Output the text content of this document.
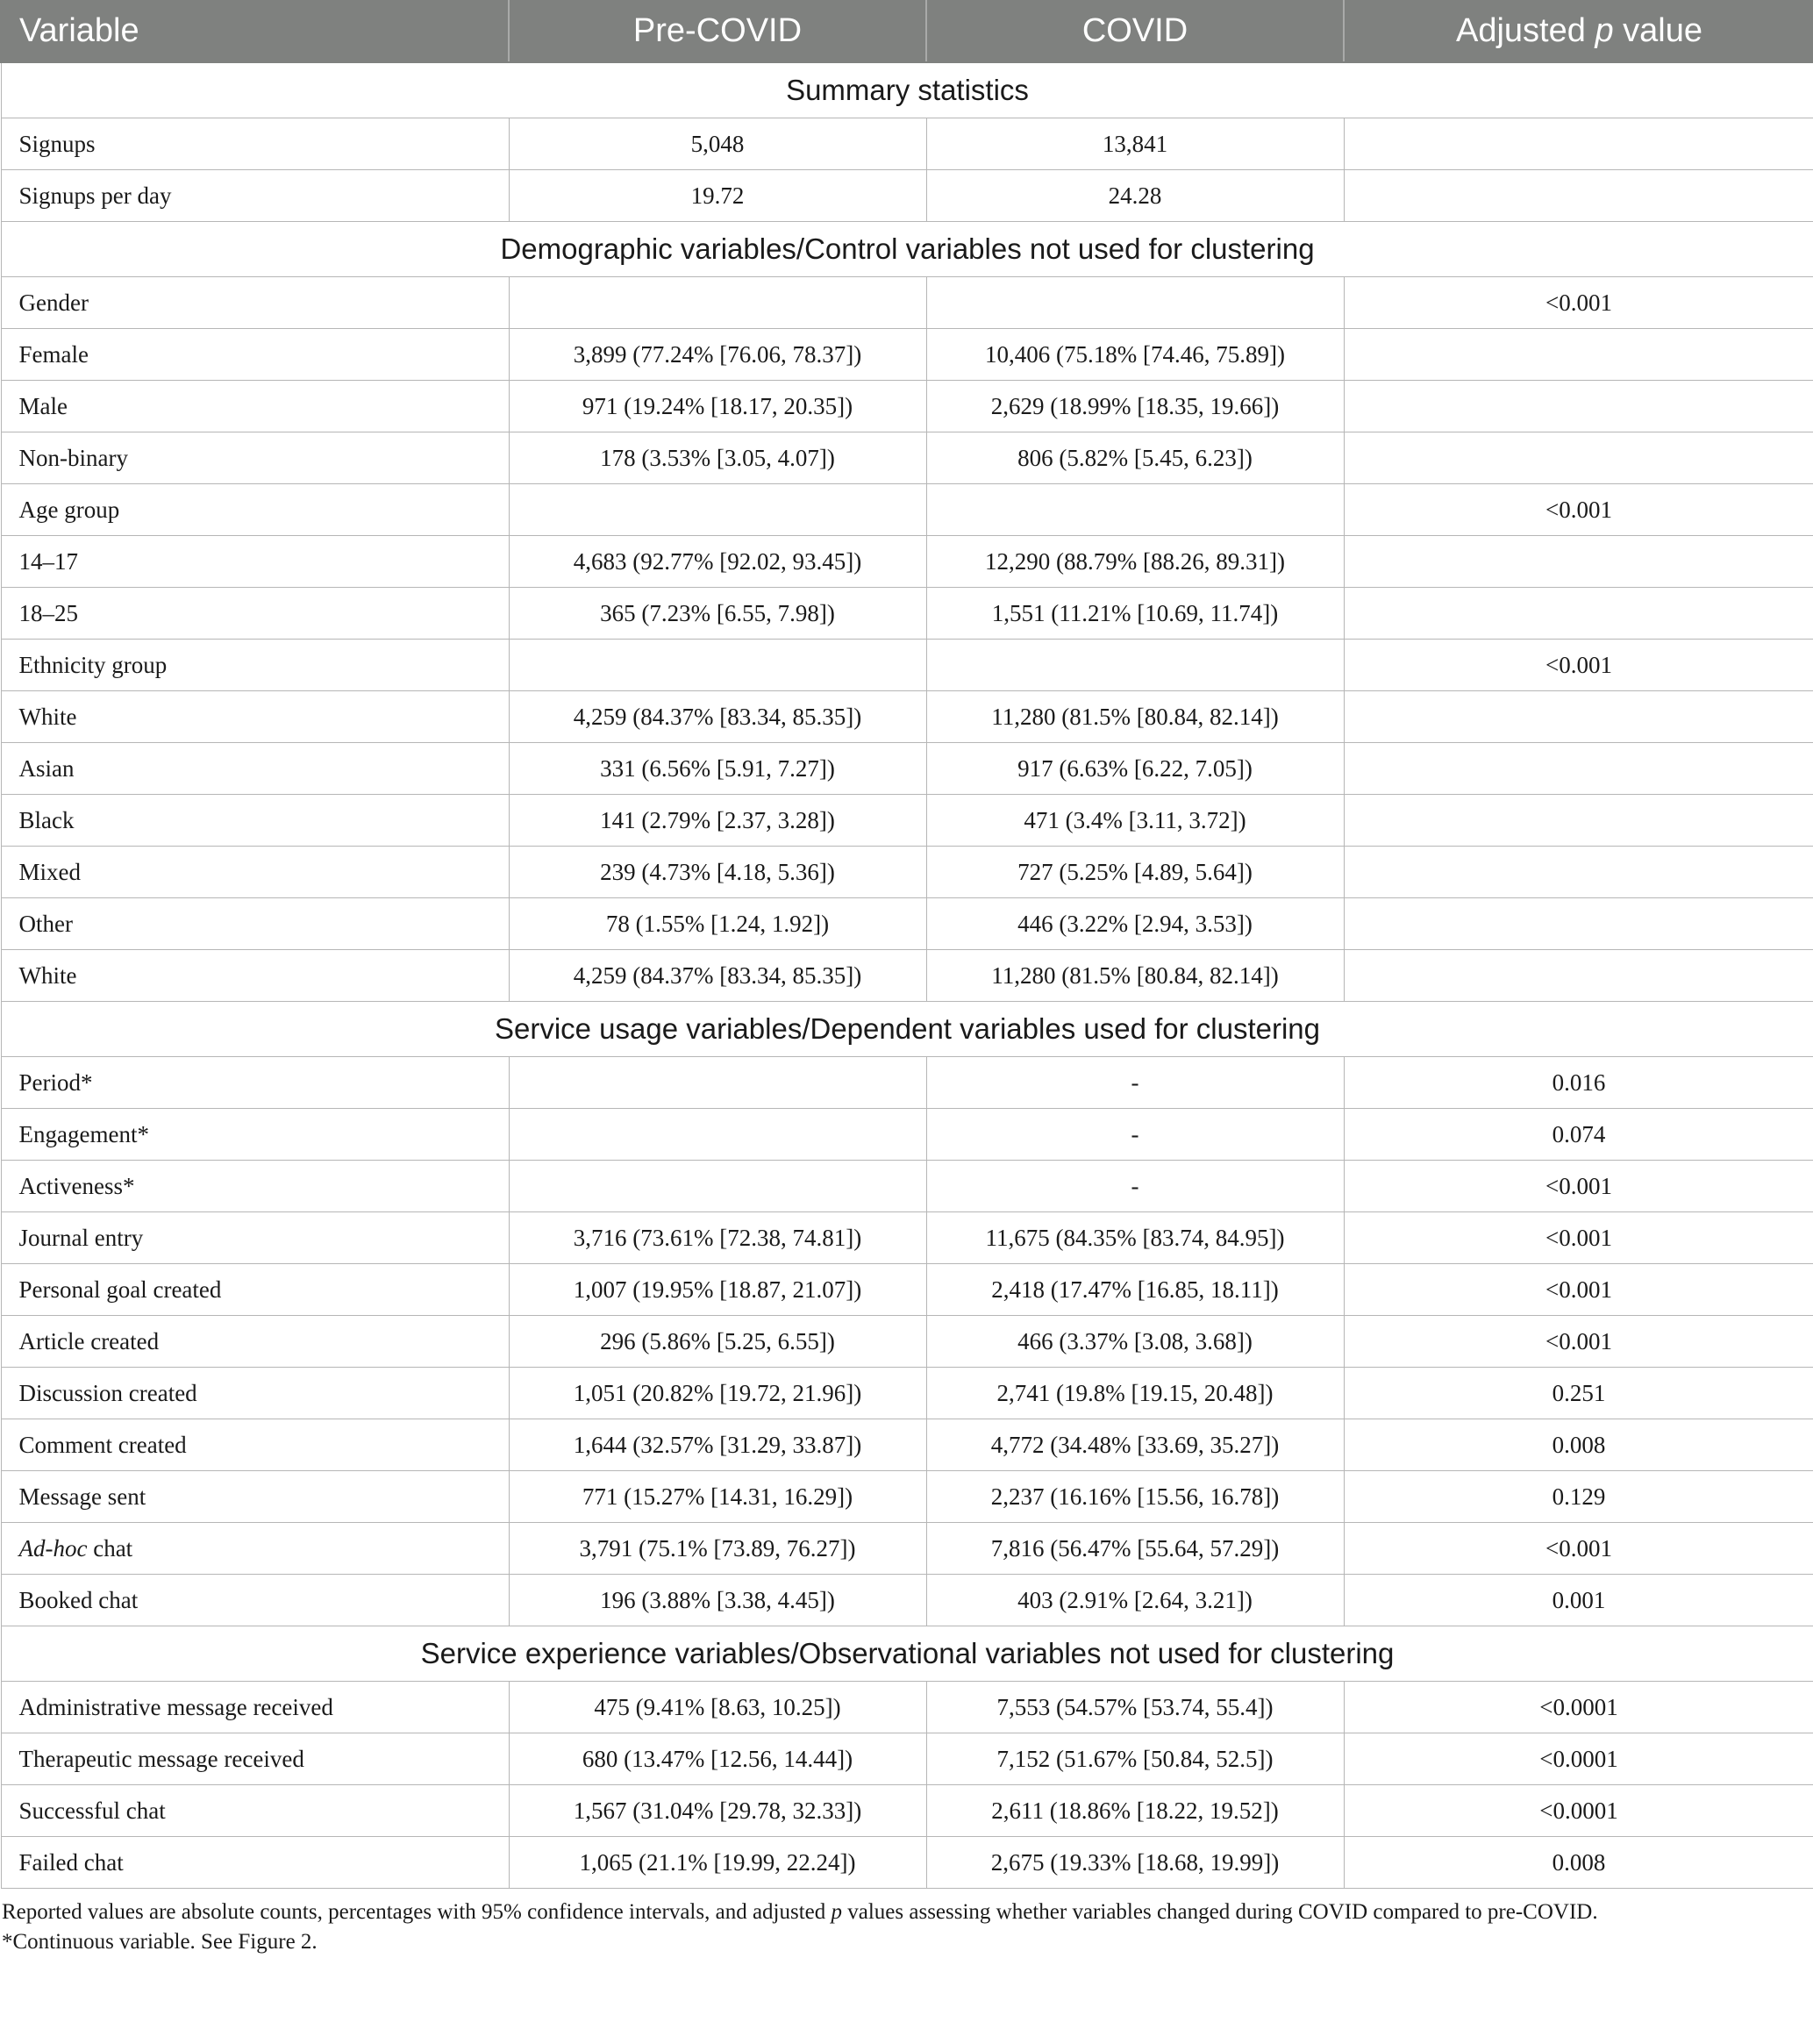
Variable	Pre-COVID	COVID	Adjusted p value
Summary statistics			
Signups	5,048	13,841	
Signups per day	19.72	24.28	
Demographic variables/Control variables not used for clustering			
Gender			<0.001
Female	3,899 (77.24% [76.06, 78.37])	10,406 (75.18% [74.46, 75.89])	
Male	971 (19.24% [18.17, 20.35])	2,629 (18.99% [18.35, 19.66])	
Non-binary	178 (3.53% [3.05, 4.07])	806 (5.82% [5.45, 6.23])	
Age group			<0.001
14–17	4,683 (92.77% [92.02, 93.45])	12,290 (88.79% [88.26, 89.31])	
18–25	365 (7.23% [6.55, 7.98])	1,551 (11.21% [10.69, 11.74])	
Ethnicity group			<0.001
White	4,259 (84.37% [83.34, 85.35])	11,280 (81.5% [80.84, 82.14])	
Asian	331 (6.56% [5.91, 7.27])	917 (6.63% [6.22, 7.05])	
Black	141 (2.79% [2.37, 3.28])	471 (3.4% [3.11, 3.72])	
Mixed	239 (4.73% [4.18, 5.36])	727 (5.25% [4.89, 5.64])	
Other	78 (1.55% [1.24, 1.92])	446 (3.22% [2.94, 3.53])	
White	4,259 (84.37% [83.34, 85.35])	11,280 (81.5% [80.84, 82.14])	
Service usage variables/Dependent variables used for clustering			
Period*		-	0.016
Engagement*		-	0.074
Activeness*		-	<0.001
Journal entry	3,716 (73.61% [72.38, 74.81])	11,675 (84.35% [83.74, 84.95])	<0.001
Personal goal created	1,007 (19.95% [18.87, 21.07])	2,418 (17.47% [16.85, 18.11])	<0.001
Article created	296 (5.86% [5.25, 6.55])	466 (3.37% [3.08, 3.68])	<0.001
Discussion created	1,051 (20.82% [19.72, 21.96])	2,741 (19.8% [19.15, 20.48])	0.251
Comment created	1,644 (32.57% [31.29, 33.87])	4,772 (34.48% [33.69, 35.27])	0.008
Message sent	771 (15.27% [14.31, 16.29])	2,237 (16.16% [15.56, 16.78])	0.129
Ad-hoc chat	3,791 (75.1% [73.89, 76.27])	7,816 (56.47% [55.64, 57.29])	<0.001
Booked chat	196 (3.88% [3.38, 4.45])	403 (2.91% [2.64, 3.21])	0.001
Service experience variables/Observational variables not used for clustering			
Administrative message received	475 (9.41% [8.63, 10.25])	7,553 (54.57% [53.74, 55.4])	<0.0001
Therapeutic message received	680 (13.47% [12.56, 14.44])	7,152 (51.67% [50.84, 52.5])	<0.0001
Successful chat	1,567 (31.04% [29.78, 32.33])	2,611 (18.86% [18.22, 19.52])	<0.0001
Failed chat	1,065 (21.1% [19.99, 22.24])	2,675 (19.33% [18.68, 19.99])	0.008
Reported values are absolute counts, percentages with 95% confidence intervals, and adjusted p values assessing whether variables changed during COVID compared to pre-COVID.
*Continuous variable. See Figure 2.
